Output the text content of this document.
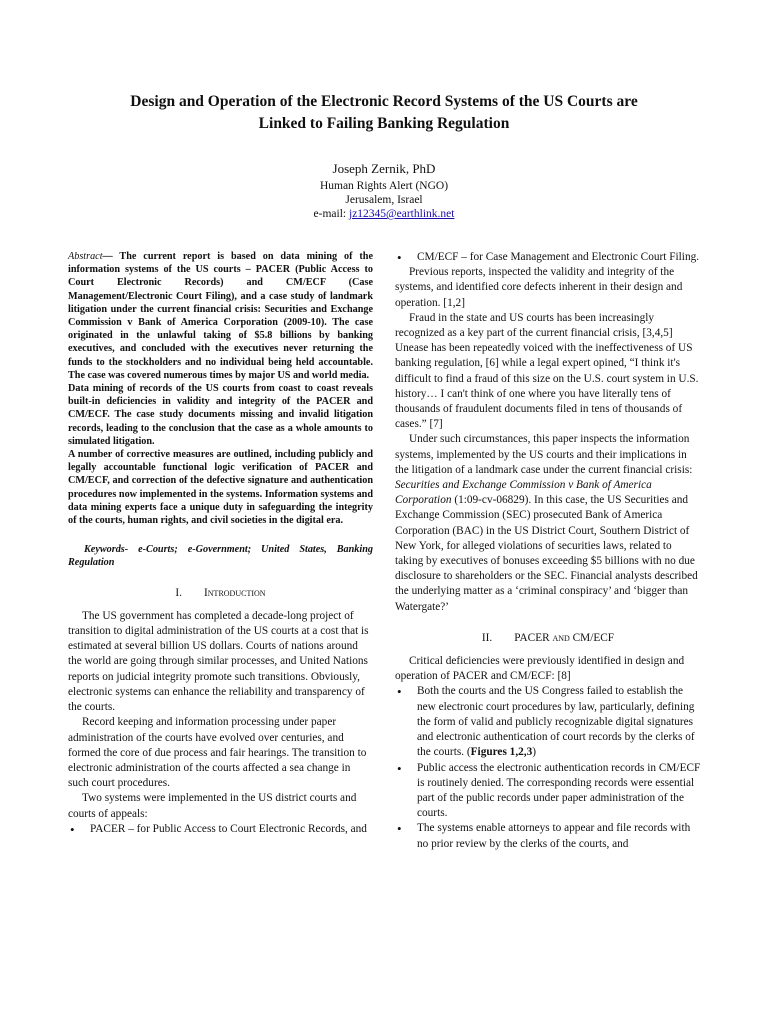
Design and Operation of the Electronic Record Systems of the US Courts are
Linked to Failing Banking Regulation
Joseph Zernik, PhD
Human Rights Alert (NGO)
Jerusalem, Israel
e-mail: jz12345@earthlink.net

Abstract— The current report is based on data mining of the information systems of the US courts – PACER (Public Access to Court Electronic Records) and CM/ECF (Case Management/Electronic Court Filing), and a case study of landmark litigation under the current financial crisis: Securities and Exchange Commission v Bank of America Corporation (2009-10). The case originated in the unlawful taking of $5.8 billions by banking executives, and concluded with the executives never returning the funds to the stockholders and no individual being held accountable. The case was covered numerous times by major US and world media.

Data mining of records of the US courts from coast to coast reveals built-in deficiencies in validity and integrity of the PACER and CM/ECF. The case study documents missing and invalid litigation records, leading to the conclusion that the case as a whole amounts to simulated litigation.

A number of corrective measures are outlined, including publicly and legally accountable functional logic verification of PACER and CM/ECF, and correction of the defective signature and authentication procedures now implemented in the systems. Information systems and data mining experts face a unique duty in safeguarding the integrity of the courts, human rights, and civil societies in the digital era.

Keywords- e-Courts; e-Government; United States, Banking Regulation

I. Introduction

The US government has completed a decade-long project of transition to digital administration of the US courts at a cost that is estimated at several billion US dollars. Courts of nations around the world are going through similar processes, and United Nations reports on judicial integrity promote such transitions. Obviously, electronic systems can enhance the reliability and transparency of the courts.

Record keeping and information processing under paper administration of the courts have evolved over centuries, and formed the core of due process and fair hearings. The transition to electronic administration of the courts affected a sea change in such court procedures.

Two systems were implemented in the US district courts and courts of appeals:

• PACER – for Public Access to Court Electronic Records, and
• CM/ECF – for Case Management and Electronic Court Filing.

Previous reports, inspected the validity and integrity of the systems, and identified core defects inherent in their design and operation. [1,2]

Fraud in the state and US courts has been increasingly recognized as a key part of the current financial crisis, [3,4,5] Unease has been repeatedly voiced with the ineffectiveness of US banking regulation, [6] while a legal expert opined, “I think it's difficult to find a fraud of this size on the U.S. court system in U.S. history… I can't think of one where you have literally tens of thousands of fraudulent documents filed in tens of thousands of cases.” [7]

Under such circumstances, this paper inspects the information systems, implemented by the US courts and their implications in the litigation of a landmark case under the current financial crisis: Securities and Exchange Commission v Bank of America Corporation (1:09-cv-06829). In this case, the US Securities and Exchange Commission (SEC) prosecuted Bank of America Corporation (BAC) in the US District Court, Southern District of New York, for alleged violations of securities laws, related to taking by executives of bonuses exceeding $5 billions with no due disclosure to shareholders or the SEC. Financial analysts described the underlying matter as a ‘criminal conspiracy’ and ‘bigger than Watergate?’

II. PACER and CM/ECF

Critical deficiencies were previously identified in design and operation of PACER and CM/ECF: [8]

• Both the courts and the US Congress failed to establish the new electronic court procedures by law, particularly, defining the form of valid and publicly recognizable digital signatures and electronic authentication of court records by the clerks of the courts. (Figures 1,2,3)
• Public access the electronic authentication records in CM/ECF is routinely denied. The corresponding records were essential part of the public records under paper administration of the courts.
• The systems enable attorneys to appear and file records with no prior review by the clerks of the courts, and
